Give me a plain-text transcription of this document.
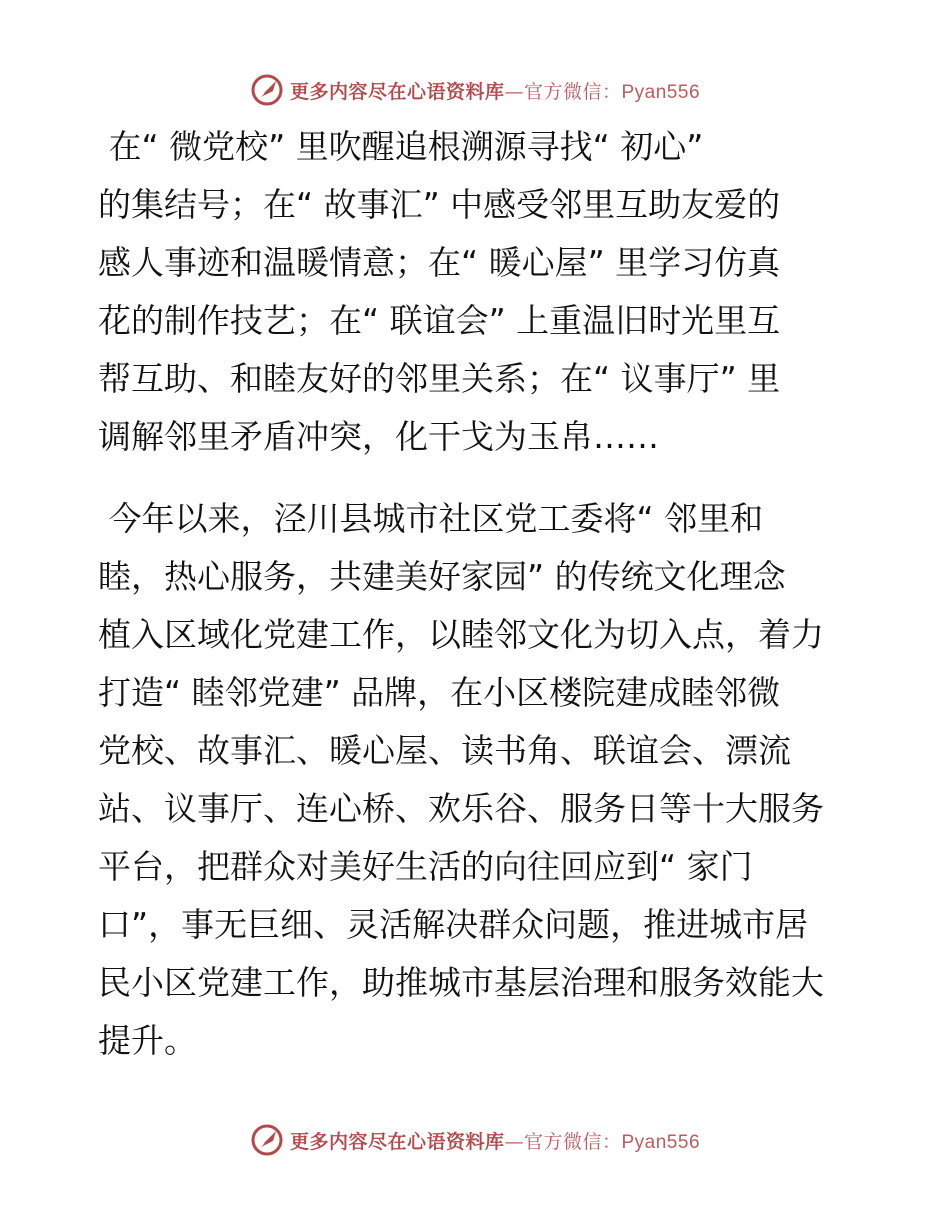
更多内容尽在心语资料库—官方微信：Pyan556

在“ 微党校” 里吹醒追根溯源寻找“ 初心”
的集结号；在“ 故事汇” 中感受邻里互助友爱的
感人事迹和温暖情意；在“ 暖心屋” 里学习仿真
花的制作技艺；在“ 联谊会” 上重温旧时光里互
帮互助、和睦友好的邻里关系；在“ 议事厅” 里
调解邻里矛盾冲突，化干戈为玉帛……

今年以来，泾川县城市社区党工委将“ 邻里和
睦，热心服务，共建美好家园” 的传统文化理念
植入区域化党建工作，以睦邻文化为切入点，着力
打造“ 睦邻党建” 品牌，在小区楼院建成睦邻微
党校、故事汇、暖心屋、读书角、联谊会、漂流
站、议事厅、连心桥、欢乐谷、服务日等十大服务
平台，把群众对美好生活的向往回应到“ 家门
口”，事无巨细、灵活解决群众问题，推进城市居
民小区党建工作，助推城市基层治理和服务效能大
提升。

更多内容尽在心语资料库—官方微信：Pyan556
